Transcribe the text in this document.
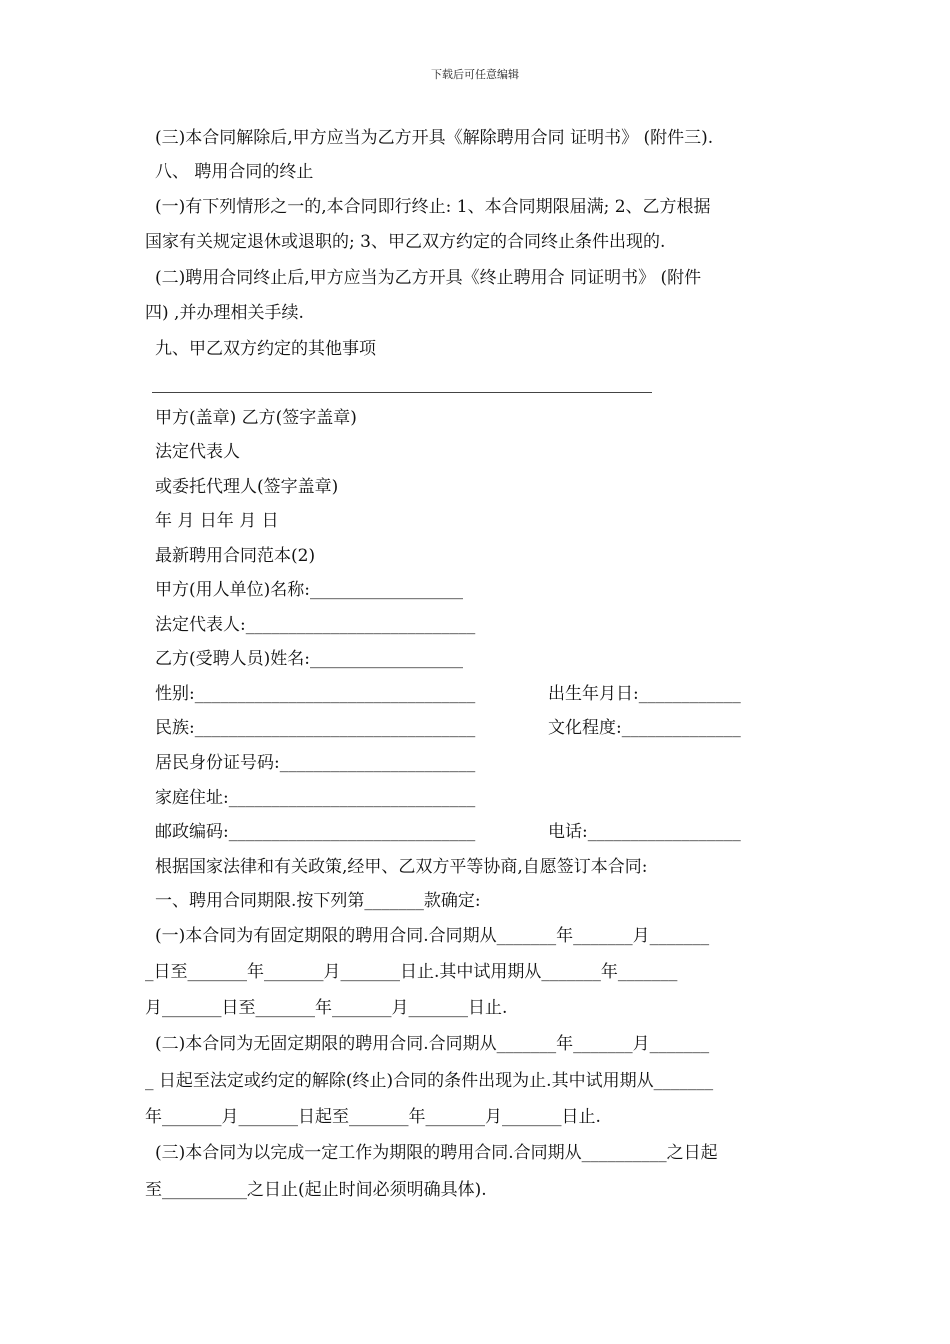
下载后可任意编辑
(三)本合同解除后,甲方应当为乙方开具《解除聘用合同 证明书》 (附件三).
八、 聘用合同的终止
(一)有下列情形之一的,本合同即行终止: 1、本合同期限届满; 2、乙方根据
国家有关规定退休或退职的; 3、甲乙双方约定的合同终止条件出现的.
(二)聘用合同终止后,甲方应当为乙方开具《终止聘用合 同证明书》 (附件
四) ,并办理相关手续.
九、甲乙双方约定的其他事项
甲方(盖章) 乙方(签字盖章)
法定代表人
或委托代理人(签字盖章)
年 月 日年 月 日
最新聘用合同范本(2)
甲方(用人单位)名称:__________________
法定代表人:___________________________
乙方(受聘人员)姓名:__________________
性别:_________________________________	出生年月日:____________
民族:_________________________________	文化程度:______________
居民身份证号码:_______________________
家庭住址:_____________________________
邮政编码:_____________________________	电话:__________________
根据国家法律和有关政策,经甲、乙双方平等协商,自愿签订本合同:
一、聘用合同期限.按下列第_______款确定:
(一)本合同为有固定期限的聘用合同.合同期从_______年_______月_______
_日至_______年_______月_______日止.其中试用期从_______年_______
月_______日至_______年_______月_______日止.
(二)本合同为无固定期限的聘用合同.合同期从_______年_______月_______
_ 日起至法定或约定的解除(终止)合同的条件出现为止.其中试用期从_______
年_______月_______日起至_______年_______月_______日止.
(三)本合同为以完成一定工作为期限的聘用合同.合同期从__________之日起
至__________之日止(起止时间必须明确具体).
